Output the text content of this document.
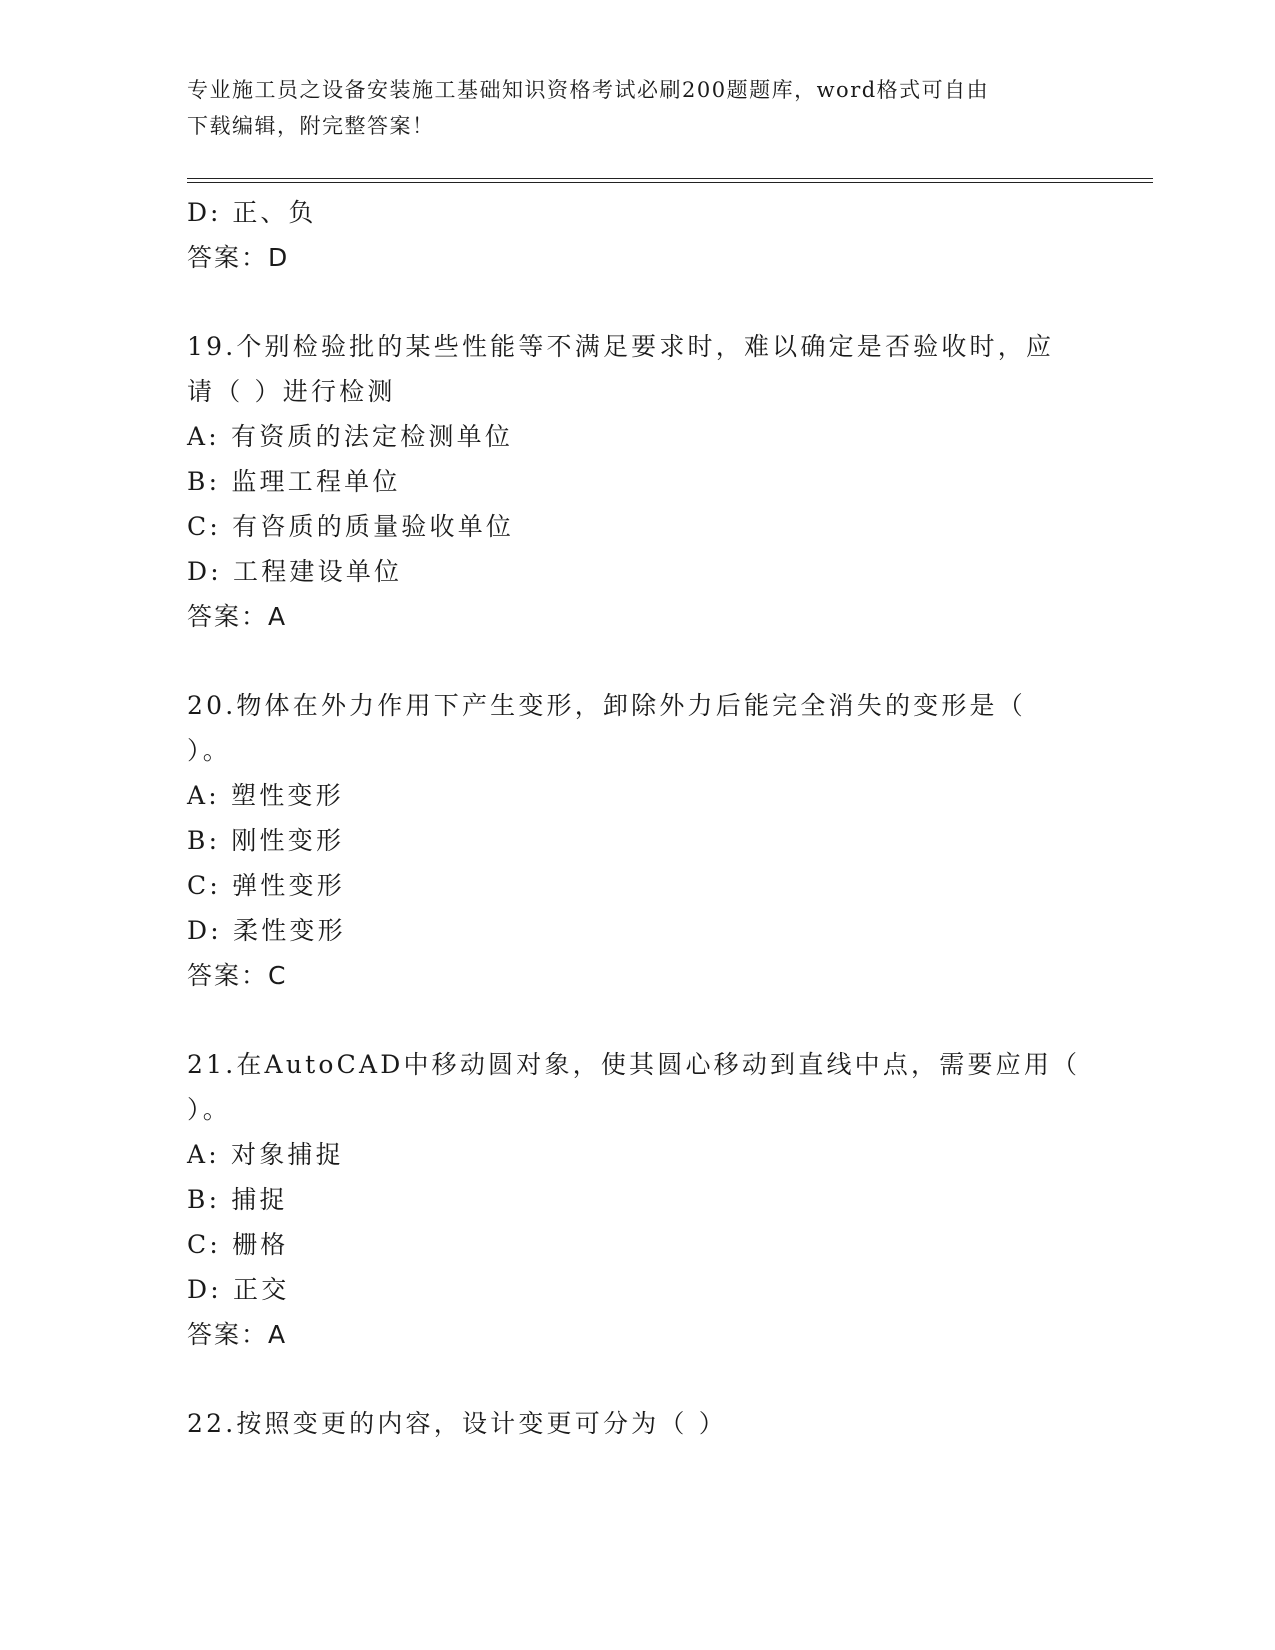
专业施工员之设备安装施工基础知识资格考试必刷200题题库，word格式可自由
下载编辑，附完整答案！
D: 正、负
答案：D
19.个别检验批的某些性能等不满足要求时，难以确定是否验收时，应
请（ ）进行检测
A: 有资质的法定检测单位
B: 监理工程单位
C: 有咨质的质量验收单位
D: 工程建设单位
答案：A
20.物体在外力作用下产生变形，卸除外力后能完全消失的变形是（
）。
A: 塑性变形
B: 刚性变形
C: 弹性变形
D: 柔性变形
答案：C
21.在AutoCAD中移动圆对象，使其圆心移动到直线中点，需要应用（
）。
A: 对象捕捉
B: 捕捉
C: 栅格
D: 正交
答案：A
22.按照变更的内容，设计变更可分为（ ）
